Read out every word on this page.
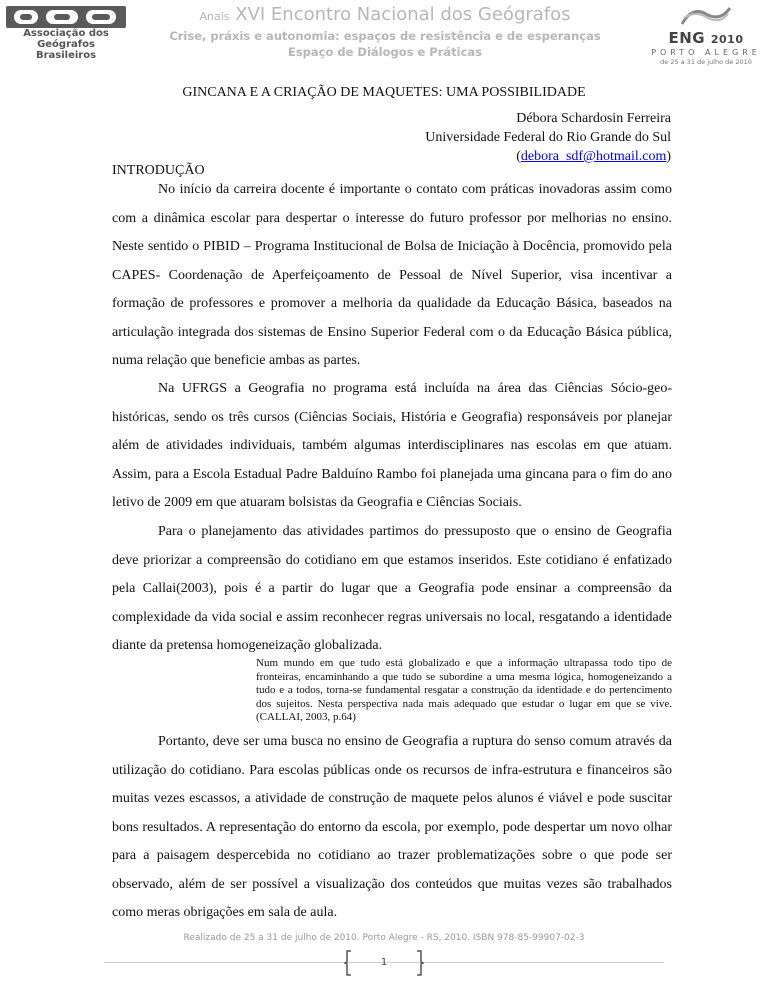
Associação dos
Geógrafos
Brasileiros
Anais XVI Encontro Nacional dos Geógrafos
Crise, práxis e autonomia: espaços de resistência e de esperanças
Espaço de Diálogos e Práticas
ENG 2010
PORTO ALEGRE
de 25 a 31 de julho de 2010
GINCANA E A CRIAÇÃO DE MAQUETES: UMA POSSIBILIDADE
Débora Schardosin Ferreira
Universidade Federal do Rio Grande do Sul
(debora_sdf@hotmail.com)
INTRODUÇÃO

No início da carreira docente é importante o contato com práticas inovadoras assim como com a dinâmica escolar para despertar o interesse do futuro professor por melhorias no ensino. Neste sentido o PIBID – Programa Institucional de Bolsa de Iniciação à Docência, promovido pela CAPES- Coordenação de Aperfeiçoamento de Pessoal de Nível Superior, visa incentivar a formação de professores e promover a melhoria da qualidade da Educação Básica, baseados na articulação integrada dos sistemas de Ensino Superior Federal com o da Educação Básica pública, numa relação que beneficie ambas as partes.

Na UFRGS a Geografia no programa está incluída na área das Ciências Sócio-geo-históricas, sendo os três cursos (Ciências Sociais, História e Geografia) responsáveis por planejar além de atividades individuais, também algumas interdisciplinares nas escolas em que atuam. Assim, para a Escola Estadual Padre Balduíno Rambo foi planejada uma gincana para o fim do ano letivo de 2009 em que atuaram bolsistas da Geografia e Ciências Sociais.

Para o planejamento das atividades partimos do pressuposto que o ensino de Geografia deve priorizar a compreensão do cotidiano em que estamos inseridos. Este cotidiano é enfatizado pela Callai(2003), pois é a partir do lugar que a Geografia pode ensinar a compreensão da complexidade da vida social e assim reconhecer regras universais no local, resgatando a identidade diante da pretensa homogeneização globalizada.

Num mundo em que tudo está globalizado e que a informação ultrapassa todo tipo de fronteiras, encaminhando a que tudo se subordine a uma mesma lógica, homogeneizando a tudo e a todos, torna-se fundamental resgatar a construção da identidade e do pertencimento dos sujeitos. Nesta perspectiva nada mais adequado que estudar o lugar em que se vive. (CALLAI, 2003, p.64)

Portanto, deve ser uma busca no ensino de Geografia a ruptura do senso comum através da utilização do cotidiano. Para escolas públicas onde os recursos de infra-estrutura e financeiros são muitas vezes escassos, a atividade de construção de maquete pelos alunos é viável e pode suscitar bons resultados. A representação do entorno da escola, por exemplo, pode despertar um novo olhar para a paisagem despercebida no cotidiano ao trazer problematizações sobre o que pode ser observado, além de ser possível a visualização dos conteúdos que muitas vezes são trabalhados como meras obrigações em sala de aula.

Realizado de 25 a 31 de julho de 2010. Porto Alegre - RS, 2010. ISBN 978-85-99907-02-3
1
